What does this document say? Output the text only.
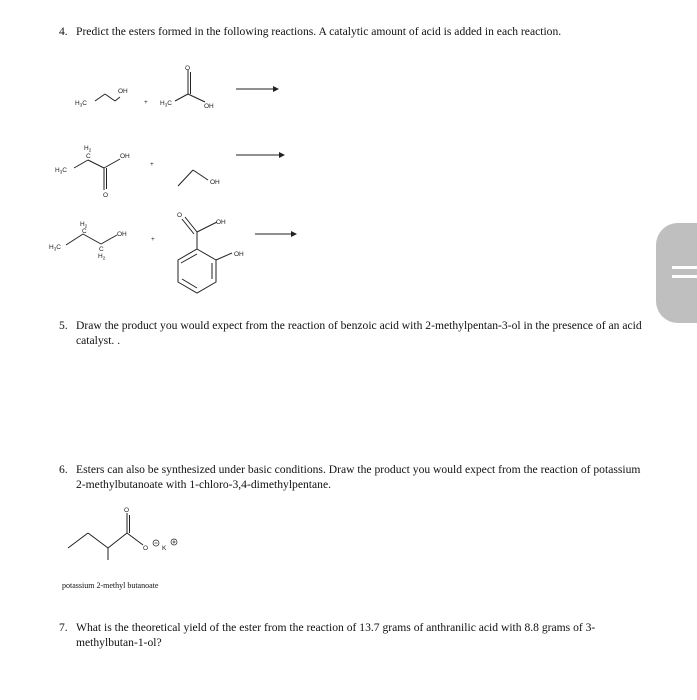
4. Predict the esters formed in the following reactions. A catalytic amount of acid is added in each reaction.
$H_3C$
OH
+ $H_3C$
O
OH
$H_3C$
$H_2$
C	OH
O
+
OH
$H_3C$
$H_2$
C
C
$H_2$
OH
+
O
OH
OH
O
O K
5. Draw the product you would expect from the reaction of benzoic acid with 2-methylpentan-3-ol in the presence of an acid catalyst. .
6. Esters can also be synthesized under basic conditions. Draw the product you would expect from the reaction of potassium 2-methylbutanoate with 1-chloro-3,4-dimethylpentane.
potassium 2-methyl butanoate
7. What is the theoretical yield of the ester from the reaction of 13.7 grams of anthranilic acid with 8.8 grams of 3-methylbutan-1-ol?
